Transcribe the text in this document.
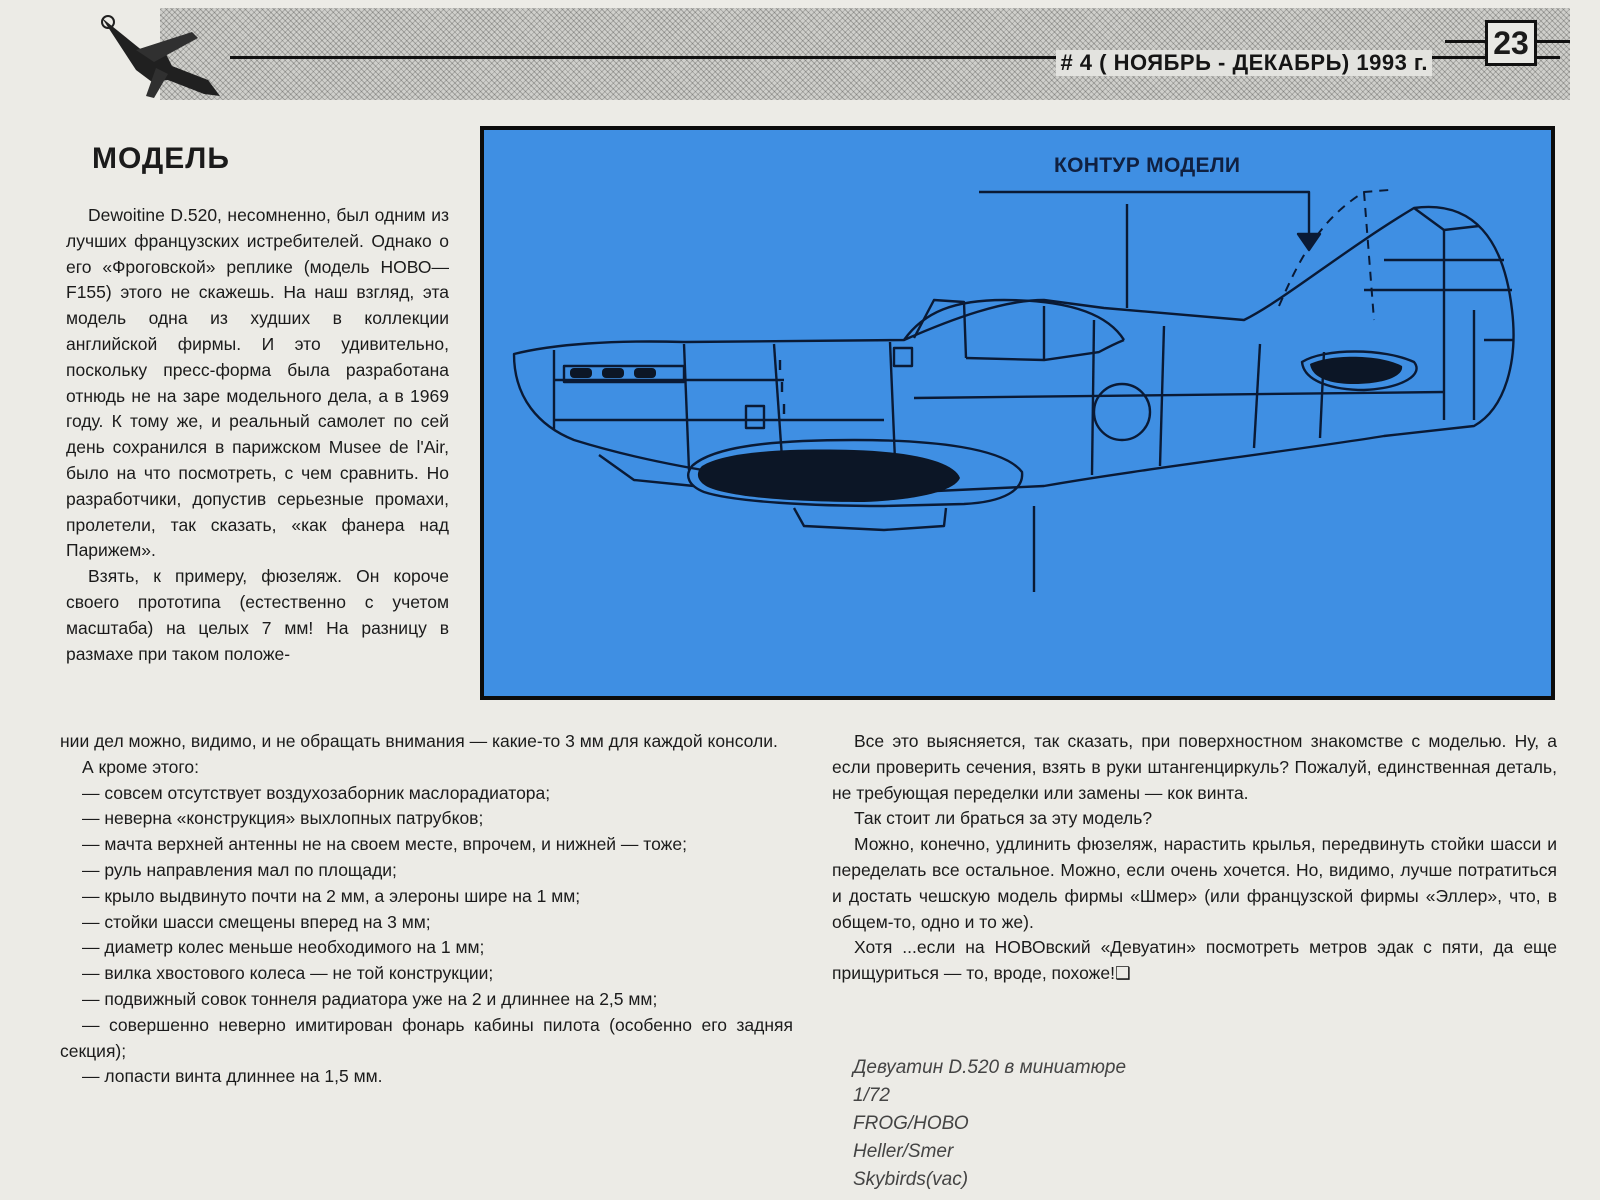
# 4 ( НОЯБРЬ - ДЕКАБРЬ) 1993 г.
23
МОДЕЛЬ

Dewoitine D.520, несомненно, был одним из лучших французских истребителей. Однако о его «Фроговской» реплике (модель НОВО—F155) этого не скажешь. На наш взгляд, эта модель одна из худших в коллекции английской фирмы. И это удивительно, поскольку пресс-форма была разработана отнюдь не на заре модельного дела, а в 1969 году. К тому же, и реальный самолет по сей день сохранился в парижском Musee de l'Air, было на что посмотреть, с чем сравнить. Но разработчики, допустив серьезные промахи, пролетели, так сказать, «как фанера над Парижем».

Взять, к примеру, фюзеляж. Он короче своего прототипа (естественно с учетом масштаба) на целых 7 мм! На разницу в размахе при таком положе-

КОНТУР МОДЕЛИ

нии дел можно, видимо, и не обращать внимания — какие-то 3 мм для каждой консоли.

А кроме этого:

— совсем отсутствует воздухозаборник маслорадиатора;

— неверна «конструкция» выхлопных патрубков;

— мачта верхней антенны не на своем месте, впрочем, и нижней — тоже;

— руль направления мал по площади;

— крыло выдвинуто почти на 2 мм, а элероны шире на 1 мм;

— стойки шасси смещены вперед на 3 мм;

— диаметр колес меньше необходимого на 1 мм;

— вилка хвостового колеса — не той конструкции;

— подвижный совок тоннеля радиатора уже на 2 и длиннее на 2,5 мм;

— совершенно неверно имитирован фонарь кабины пилота (особенно его задняя секция);

— лопасти винта длиннее на 1,5 мм.

Все это выясняется, так сказать, при поверхностном знакомстве с моделью. Ну, а если проверить сечения, взять в руки штангенциркуль? Пожалуй, единственная деталь, не требующая переделки или замены — кок винта.

Так стоит ли браться за эту модель?

Можно, конечно, удлинить фюзеляж, нарастить крылья, передвинуть стойки шасси и переделать все остальное. Можно, если очень хочется. Но, видимо, лучше потратиться и достать чешскую модель фирмы «Шмер» (или французской фирмы «Эллер», что, в общем-то, одно и то же).

Хотя ...если на НОВОвский «Девуатин» посмотреть метров эдак с пяти, да еще прищуриться — то, вроде, похоже!❑

Девуатин D.520 в миниатюре
1/72
FROG/НОВО
Heller/Smer
Skybirds(vac)
